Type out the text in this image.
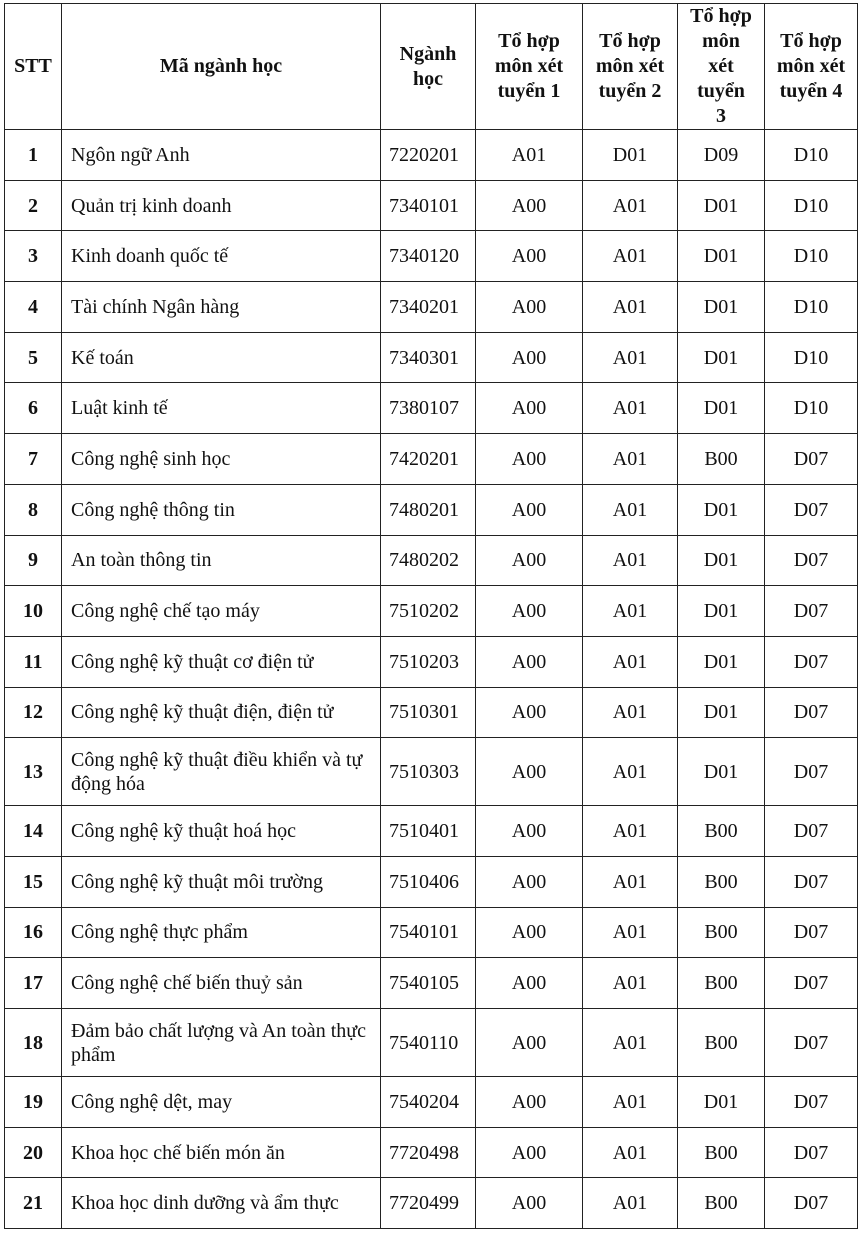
STT	Mã ngành học	Ngành học	Tổ hợp môn xét tuyển 1	Tổ hợp môn xét tuyển 2	Tổ hợp môn xét tuyển 3	Tổ hợp môn xét tuyển 4
1	Ngôn ngữ Anh	7220201	A01	D01	D09	D10
2	Quản trị kinh doanh	7340101	A00	A01	D01	D10
3	Kinh doanh quốc tế	7340120	A00	A01	D01	D10
4	Tài chính Ngân hàng	7340201	A00	A01	D01	D10
5	Kế toán	7340301	A00	A01	D01	D10
6	Luật kinh tế	7380107	A00	A01	D01	D10
7	Công nghệ sinh học	7420201	A00	A01	B00	D07
8	Công nghệ thông tin	7480201	A00	A01	D01	D07
9	An toàn thông tin	7480202	A00	A01	D01	D07
10	Công nghệ chế tạo máy	7510202	A00	A01	D01	D07
11	Công nghệ kỹ thuật cơ điện tử	7510203	A00	A01	D01	D07
12	Công nghệ kỹ thuật điện, điện tử	7510301	A00	A01	D01	D07
13	Công nghệ kỹ thuật điều khiển và tự động hóa	7510303	A00	A01	D01	D07
14	Công nghệ kỹ thuật hoá học	7510401	A00	A01	B00	D07
15	Công nghệ kỹ thuật môi trường	7510406	A00	A01	B00	D07
16	Công nghệ thực phẩm	7540101	A00	A01	B00	D07
17	Công nghệ chế biến thuỷ sản	7540105	A00	A01	B00	D07
18	Đảm bảo chất lượng và An toàn thực phẩm	7540110	A00	A01	B00	D07
19	Công nghệ dệt, may	7540204	A00	A01	D01	D07
20	Khoa học chế biến món ăn	7720498	A00	A01	B00	D07
21	Khoa học dinh dưỡng và ẩm thực	7720499	A00	A01	B00	D07
